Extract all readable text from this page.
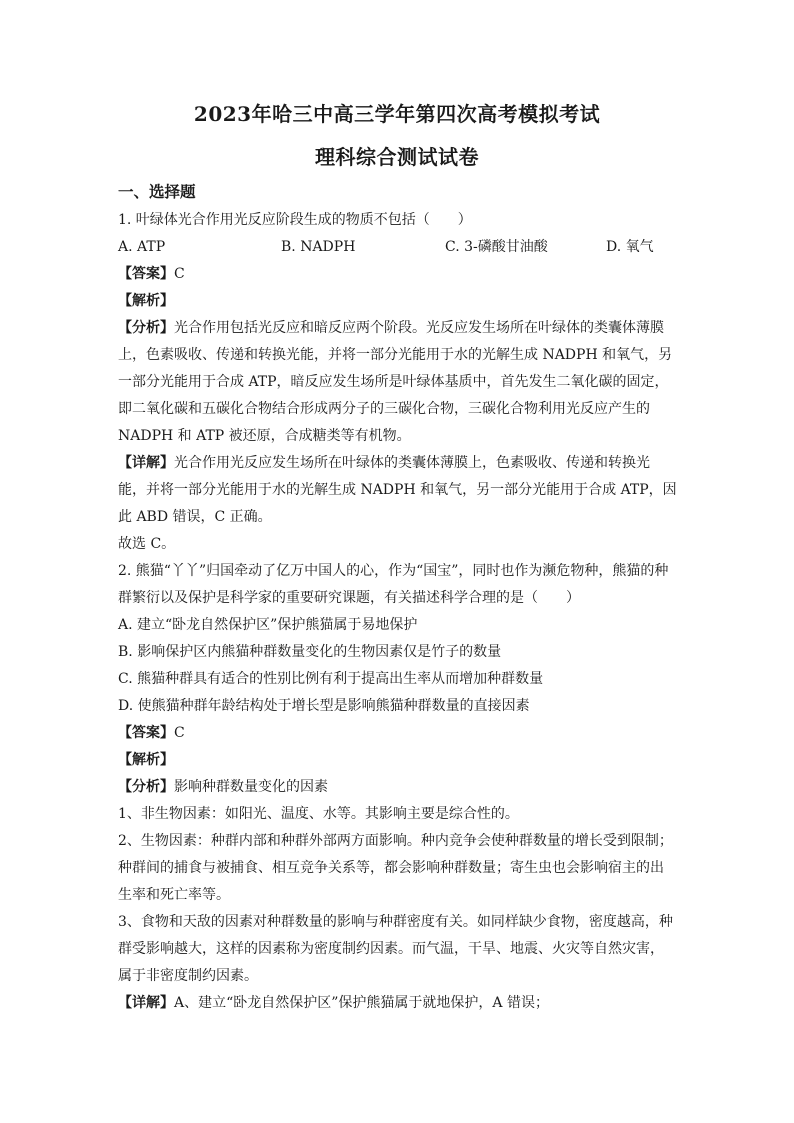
2023年哈三中高三学年第四次高考模拟考试
理科综合测试试卷
一、选择题
1. 叶绿体光合作用光反应阶段生成的物质不包括（　　）
A. ATP	B. NADPH	C. 3-磷酸甘油酸	D. 氧气
【答案】C
【解析】
【分析】光合作用包括光反应和暗反应两个阶段。光反应发生场所在叶绿体的类囊体薄膜
上，色素吸收、传递和转换光能，并将一部分光能用于水的光解生成 NADPH 和氧气，另
一部分光能用于合成 ATP，暗反应发生场所是叶绿体基质中，首先发生二氧化碳的固定，
即二氧化碳和五碳化合物结合形成两分子的三碳化合物，三碳化合物利用光反应产生的
NADPH 和 ATP 被还原，合成糖类等有机物。
【详解】光合作用光反应发生场所在叶绿体的类囊体薄膜上，色素吸收、传递和转换光
能，并将一部分光能用于水的光解生成 NADPH 和氧气，另一部分光能用于合成 ATP，因
此 ABD 错误，C 正确。
故选 C。
2. 熊猫“丫丫”归国牵动了亿万中国人的心，作为“国宝”，同时也作为濒危物种，熊猫的种
群繁衍以及保护是科学家的重要研究课题，有关描述科学合理的是（　　）
A. 建立“卧龙自然保护区”保护熊猫属于易地保护
B. 影响保护区内熊猫种群数量变化的生物因素仅是竹子的数量
C. 熊猫种群具有适合的性别比例有利于提高出生率从而增加种群数量
D. 使熊猫种群年龄结构处于增长型是影响熊猫种群数量的直接因素
【答案】C
【解析】
【分析】影响种群数量变化的因素
1、非生物因素：如阳光、温度、水等。其影响主要是综合性的。
2、生物因素：种群内部和种群外部两方面影响。种内竞争会使种群数量的增长受到限制；
种群间的捕食与被捕食、相互竞争关系等，都会影响种群数量；寄生虫也会影响宿主的出
生率和死亡率等。
3、食物和天敌的因素对种群数量的影响与种群密度有关。如同样缺少食物，密度越高，种
群受影响越大，这样的因素称为密度制约因素。而气温，干旱、地震、火灾等自然灾害，
属于非密度制约因素。
【详解】A、建立“卧龙自然保护区”保护熊猫属于就地保护，A 错误；
